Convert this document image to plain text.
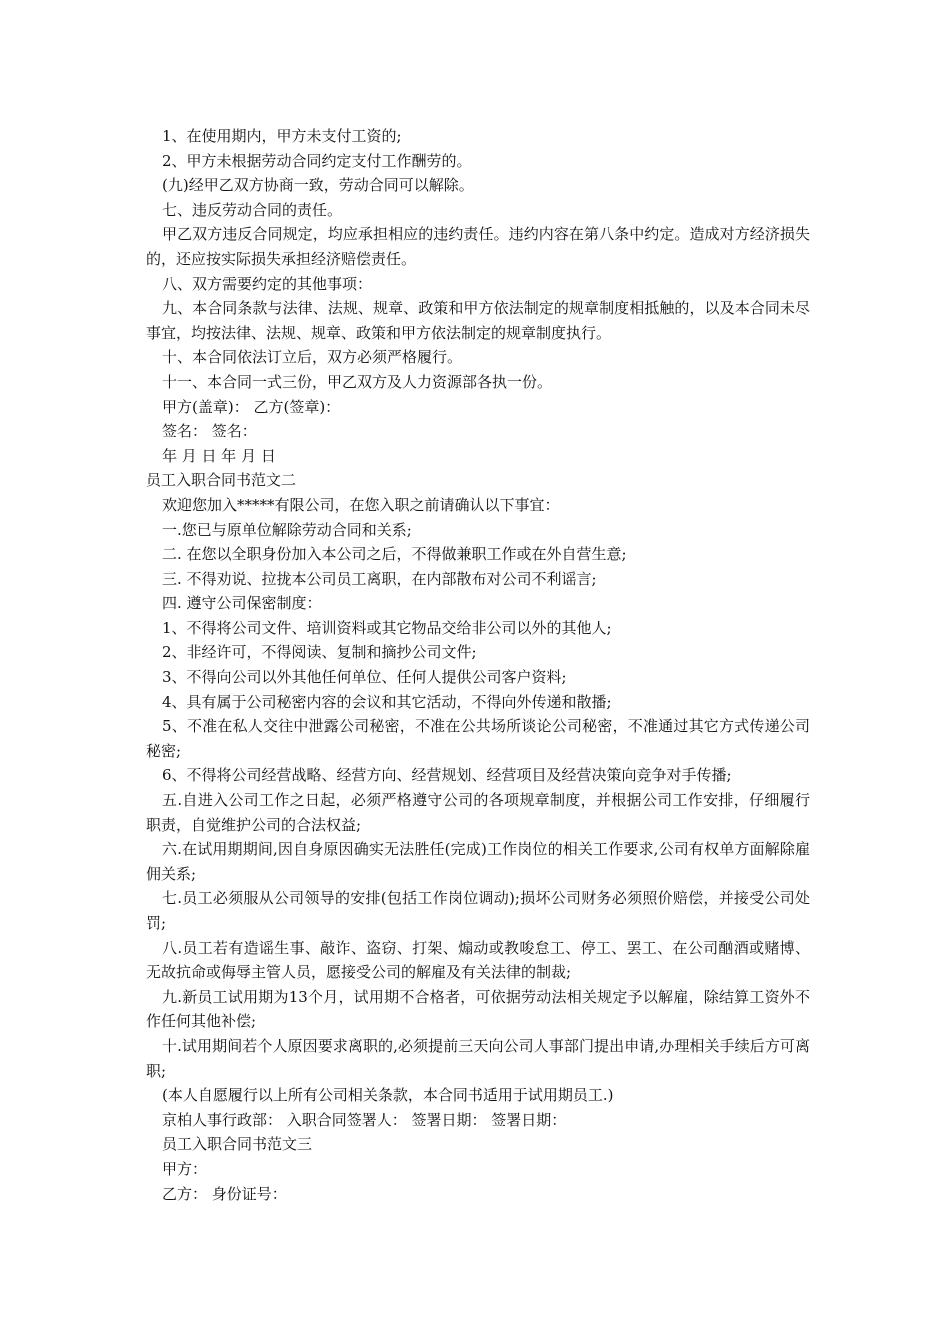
1、在使用期内，甲方未支付工资的;
2、甲方未根据劳动合同约定支付工作酬劳的。
(九)经甲乙双方协商一致，劳动合同可以解除。
七、违反劳动合同的责任。
甲乙双方违反合同规定，均应承担相应的违约责任。违约内容在第八条中约定。造成对方经济损失的，还应按实际损失承担经济赔偿责任。
八、双方需要约定的其他事项：
九、本合同条款与法律、法规、规章、政策和甲方依法制定的规章制度相抵触的，以及本合同未尽事宜，均按法律、法规、规章、政策和甲方依法制定的规章制度执行。
十、本合同依法订立后，双方必须严格履行。
十一、本合同一式三份，甲乙双方及人力资源部各执一份。
甲方(盖章)： 乙方(签章)：
签名： 签名：
年 月 日 年 月 日
员工入职合同书范文二
欢迎您加入*****有限公司，在您入职之前请确认以下事宜：
一.您已与原单位解除劳动合同和关系;
二. 在您以全职身份加入本公司之后，不得做兼职工作或在外自营生意;
三. 不得劝说、拉拢本公司员工离职，在内部散布对公司不利谣言;
四. 遵守公司保密制度：
1、不得将公司文件、培训资料或其它物品交给非公司以外的其他人;
2、非经许可，不得阅读、复制和摘抄公司文件;
3、不得向公司以外其他任何单位、任何人提供公司客户资料;
4、具有属于公司秘密内容的会议和其它活动，不得向外传递和散播;
5、不准在私人交往中泄露公司秘密，不准在公共场所谈论公司秘密，不准通过其它方式传递公司秘密;
6、不得将公司经营战略、经营方向、经营规划、经营项目及经营决策向竞争对手传播;
五.自进入公司工作之日起，必须严格遵守公司的各项规章制度，并根据公司工作安排，仔细履行职责，自觉维护公司的合法权益;
六.在试用期期间,因自身原因确实无法胜任(完成)工作岗位的相关工作要求,公司有权单方面解除雇佣关系;
七.员工必须服从公司领导的安排(包括工作岗位调动);损坏公司财务必须照价赔偿，并接受公司处罚;
八.员工若有造谣生事、敲诈、盗窃、打架、煽动或教唆怠工、停工、罢工、在公司酗酒或赌博、无故抗命或侮辱主管人员，愿接受公司的解雇及有关法律的制裁;
九.新员工试用期为13个月，试用期不合格者，可依据劳动法相关规定予以解雇，除结算工资外不作任何其他补偿;
十.试用期间若个人原因要求离职的,必须提前三天向公司人事部门提出申请,办理相关手续后方可离职;
(本人自愿履行以上所有公司相关条款，本合同书适用于试用期员工.)
京柏人事行政部： 入职合同签署人： 签署日期： 签署日期：
员工入职合同书范文三
甲方：
乙方： 身份证号：
